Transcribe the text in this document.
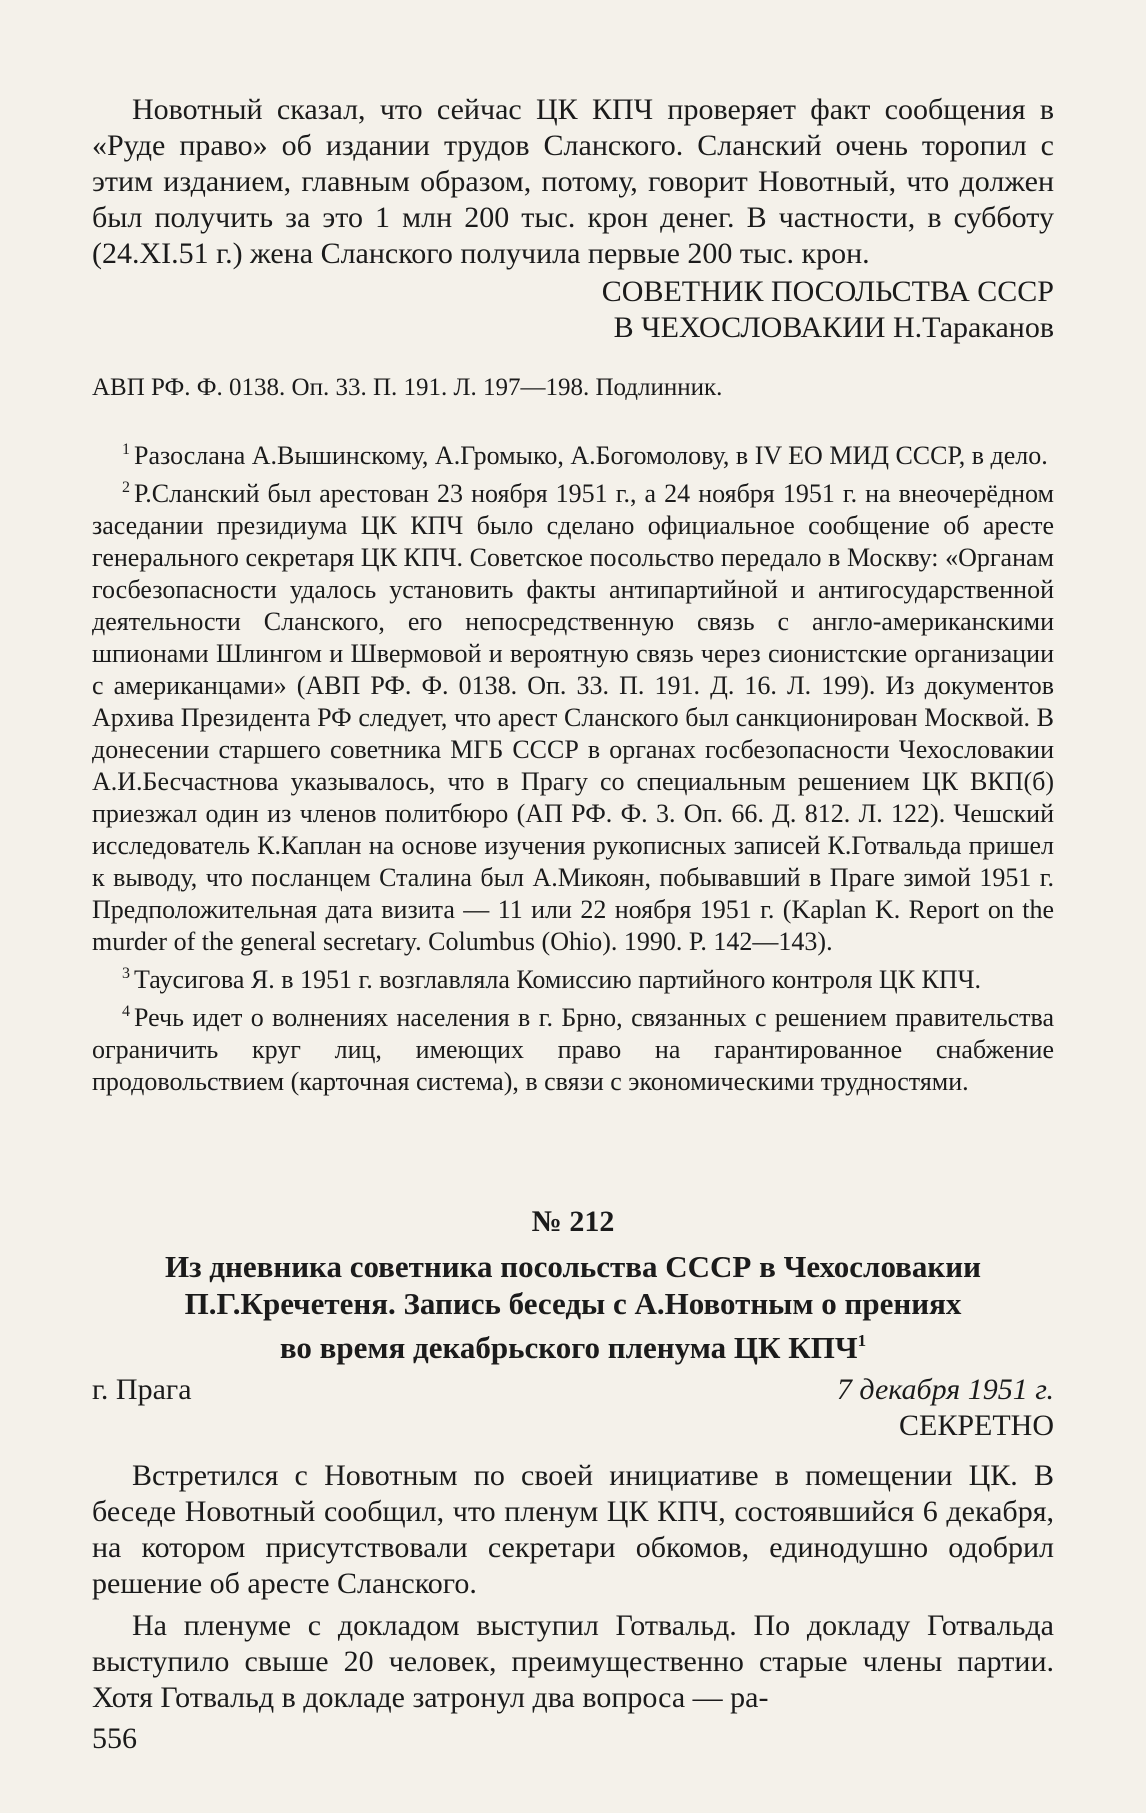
Новотный сказал, что сейчас ЦК КПЧ проверяет факт сообщения в «Руде право» об издании трудов Сланского. Сланский очень торопил с этим изданием, главным образом, потому, говорит Новотный, что должен был получить за это 1 млн 200 тыс. крон денег. В частности, в субботу (24.XI.51 г.) жена Сланского получила первые 200 тыс. крон.

СОВЕТНИК ПОСОЛЬСТВА СССР

В ЧЕХОСЛОВАКИИ Н.Тараканов

АВП РФ. Ф. 0138. Оп. 33. П. 191. Л. 197—198. Подлинник.

$^1$ Разослана А.Вышинскому, А.Громыко, А.Богомолову, в IV ЕО МИД СССР, в дело.

$^2$ Р.Сланский был арестован 23 ноября 1951 г., а 24 ноября 1951 г. на внеочерёдном заседании президиума ЦК КПЧ было сделано официальное сообщение об аресте генерального секретаря ЦК КПЧ. Советское посольство передало в Москву: «Органам госбезопасности удалось установить факты антипартийной и антигосударственной деятельности Сланского, его непосредственную связь с англо-американскими шпионами Шлингом и Швермовой и вероятную связь через сионистские организации с американцами» (АВП РФ. Ф. 0138. Оп. 33. П. 191. Д. 16. Л. 199). Из документов Архива Президента РФ следует, что арест Сланского был санкционирован Москвой. В донесении старшего советника МГБ СССР в органах госбезопасности Чехословакии А.И.Бесчастнова указывалось, что в Прагу со специальным решением ЦК ВКП(б) приезжал один из членов политбюро (АП РФ. Ф. 3. Оп. 66. Д. 812. Л. 122). Чешский исследователь К.Каплан на основе изучения рукописных записей К.Готвальда пришел к выводу, что посланцем Сталина был А.Микоян, побывавший в Праге зимой 1951 г. Предположительная дата визита — 11 или 22 ноября 1951 г. (Kaplan K. Report on the murder of the general secretary. Columbus (Ohio). 1990. P. 142—143).

$^3$ Таусигова Я. в 1951 г. возглавляла Комиссию партийного контроля ЦК КПЧ.

$^4$ Речь идет о волнениях населения в г. Брно, связанных с решением правительства ограничить круг лиц, имеющих право на гарантированное снабжение продовольствием (карточная система), в связи с экономическими трудностями.

№ 212

Из дневника советника посольства СССР в Чехословакии

П.Г.Кречетеня. Запись беседы с А.Новотным о прениях

во время декабрьского пленума ЦК КПЧ$^1$

г. Прага	7 декабря 1951 г.

СЕКРЕТНО

Встретился с Новотным по своей инициативе в помещении ЦК. В беседе Новотный сообщил, что пленум ЦК КПЧ, состоявшийся 6 декабря, на котором присутствовали секретари обкомов, единодушно одобрил решение об аресте Сланского.

На пленуме с докладом выступил Готвальд. По докладу Готвальда выступило свыше 20 человек, преимущественно старые члены партии. Хотя Готвальд в докладе затронул два вопроса — ра-

556
